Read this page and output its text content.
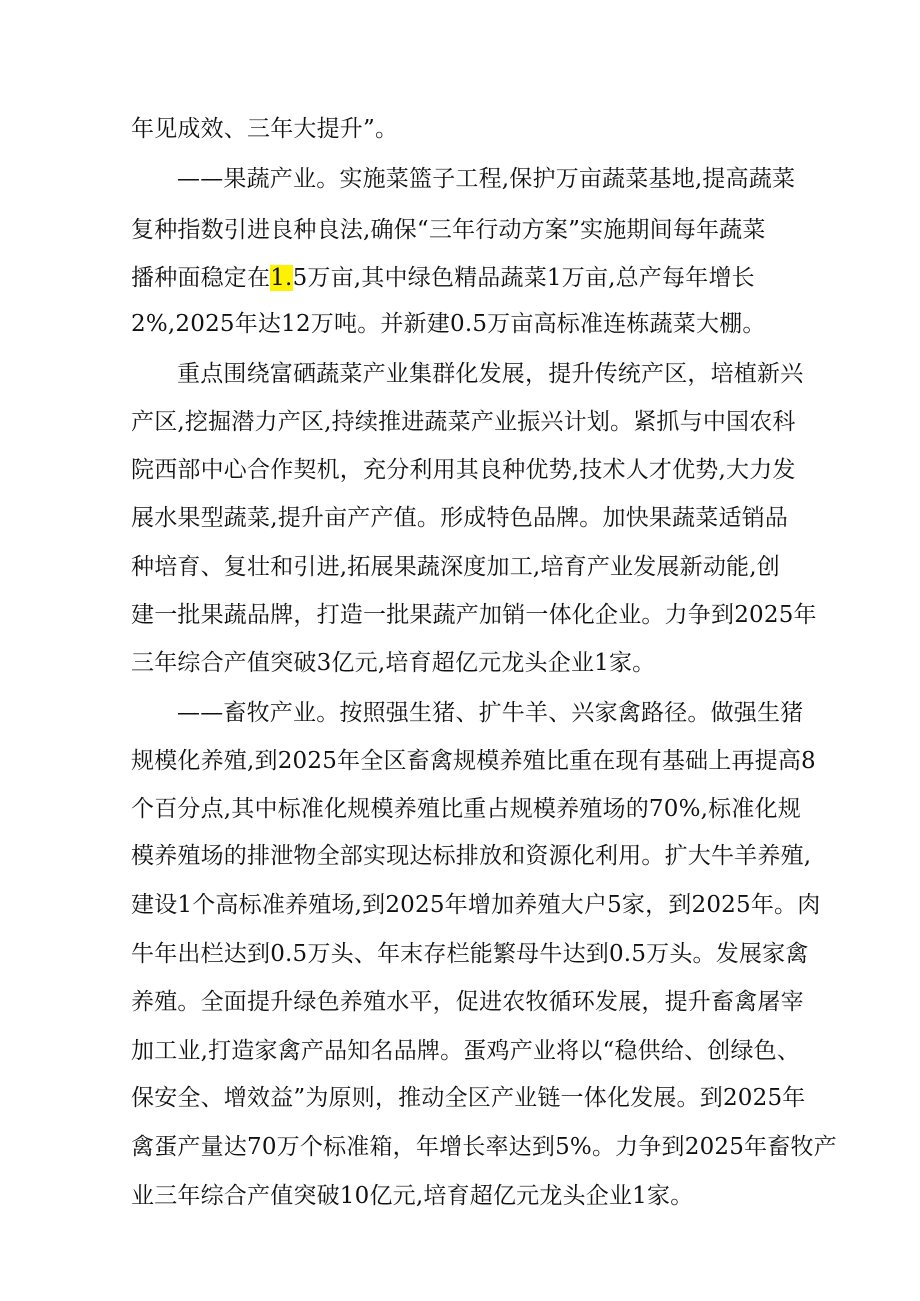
年见成效、三年大提升”。
——果蔬产业。实施菜篮子工程,保护万亩蔬菜基地,提高蔬菜
复种指数引进良种良法,确保“三年行动方案”实施期间每年蔬菜
播种面稳定在1.5万亩,其中绿色精品蔬菜1万亩,总产每年增长
2%,2025年达12万吨。并新建0.5万亩高标准连栋蔬菜大棚。
重点围绕富硒蔬菜产业集群化发展，提升传统产区，培植新兴
产区,挖掘潜力产区,持续推进蔬菜产业振兴计划。紧抓与中国农科
院西部中心合作契机，充分利用其良种优势,技术人才优势,大力发
展水果型蔬菜,提升亩产产值。形成特色品牌。加快果蔬菜适销品
种培育、复壮和引进,拓展果蔬深度加工,培育产业发展新动能,创
建一批果蔬品牌，打造一批果蔬产加销一体化企业。力争到2025年
三年综合产值突破3亿元,培育超亿元龙头企业1家。
——畜牧产业。按照强生猪、扩牛羊、兴家禽路径。做强生猪
规模化养殖,到2025年全区畜禽规模养殖比重在现有基础上再提高8
个百分点,其中标准化规模养殖比重占规模养殖场的70%,标准化规
模养殖场的排泄物全部实现达标排放和资源化利用。扩大牛羊养殖,
建设1个高标准养殖场,到2025年增加养殖大户5家，到2025年。肉
牛年出栏达到0.5万头、年末存栏能繁母牛达到0.5万头。发展家禽
养殖。全面提升绿色养殖水平，促进农牧循环发展，提升畜禽屠宰
加工业,打造家禽产品知名品牌。蛋鸡产业将以“稳供给、创绿色、
保安全、增效益”为原则，推动全区产业链一体化发展。到2025年
禽蛋产量达70万个标准箱，年增长率达到5%。力争到2025年畜牧产
业三年综合产值突破10亿元,培育超亿元龙头企业1家。
